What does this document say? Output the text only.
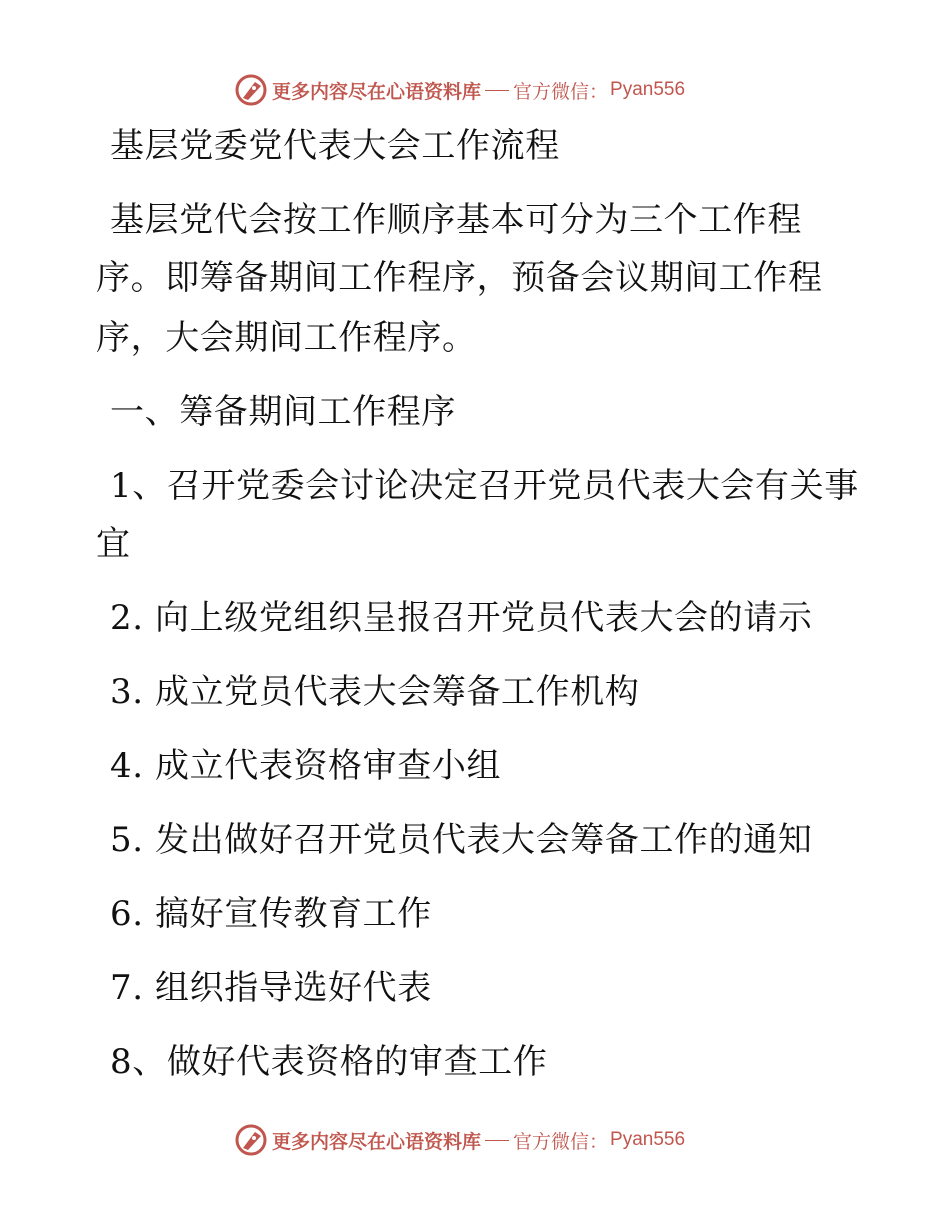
更多内容尽在心语资料库 官方微信： Pyan556
基层党委党代表大会工作流程
基层党代会按工作顺序基本可分为三个工作程
序。即筹备期间工作程序，预备会议期间工作程
序，大会期间工作程序。
一、筹备期间工作程序
1、召开党委会讨论决定召开党员代表大会有关事
宜
2. 向上级党组织呈报召开党员代表大会的请示
3. 成立党员代表大会筹备工作机构
4. 成立代表资格审查小组
5. 发出做好召开党员代表大会筹备工作的通知
6. 搞好宣传教育工作
7. 组织指导选好代表
8、做好代表资格的审查工作
更多内容尽在心语资料库 官方微信： Pyan556
